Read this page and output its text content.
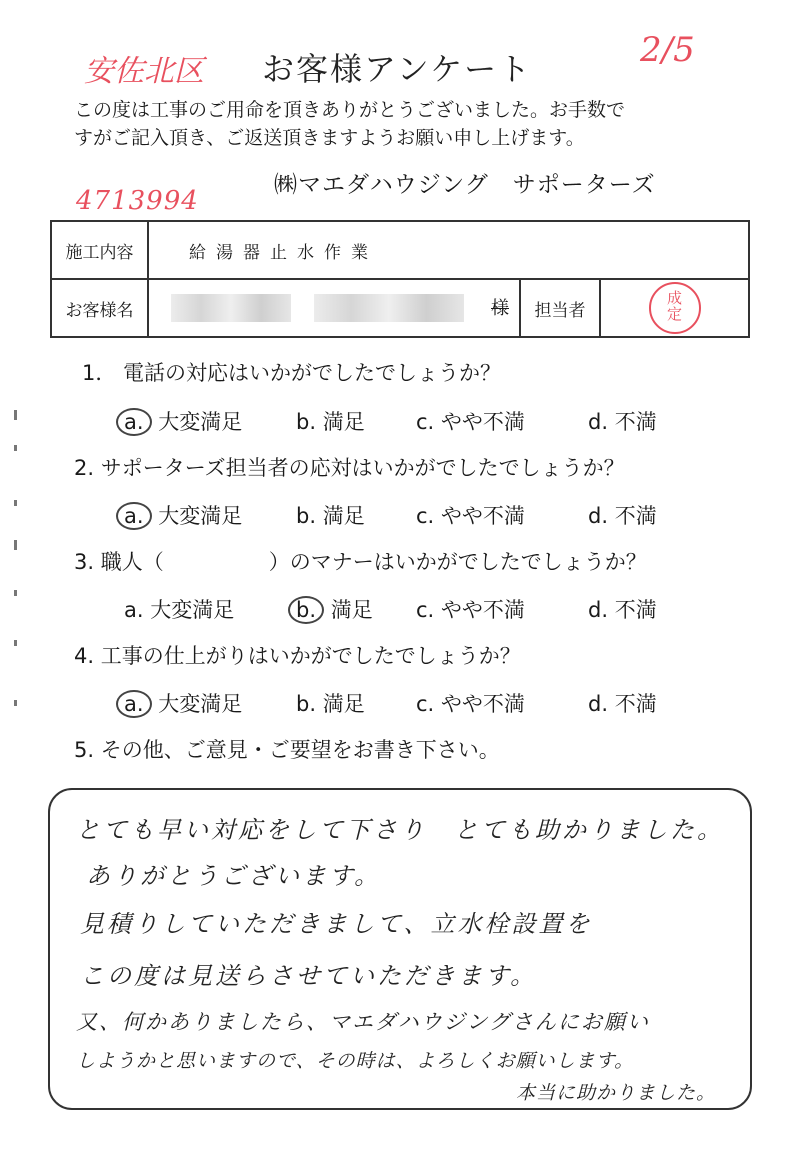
安佐北区 お客様アンケート	2/5
この度は工事のご用命を頂きありがとうございました。お手数で
すがご記入頂き、ご返送頂きますようお願い申し上げます。
4713994
㈱マエダハウジング　サポーターズ
施工内容	給湯器止水作業		
お客様名	様	担当者	成
定
1． 電話の対応はいかがでしたでしょうか？
a. 大変満足	b. 満足 c. やや不満	d. 不満
2. サポーターズ担当者の応対はいかがでしたでしょうか？
a. 大変満足	b. 満足 c. やや不満	d. 不満
3. 職人（　　　　　）のマナーはいかがでしたでしょうか？
a. 大変満足	b. 満足 c. やや不満	d. 不満
4. 工事の仕上がりはいかがでしたでしょうか？
a. 大変満足	b. 満足 c. やや不満	d. 不満
5. その他、ご意見・ご要望をお書き下さい。
とても早い対応をして下さり　とても助かりました。
ありがとうございます。
見積りしていただきまして、立水栓設置を
この度は見送らさせていただきます。
又、何かありましたら、マエダハウジングさんにお願い
しようかと思いますので、その時は、よろしくお願いします。
本当に助かりました。
